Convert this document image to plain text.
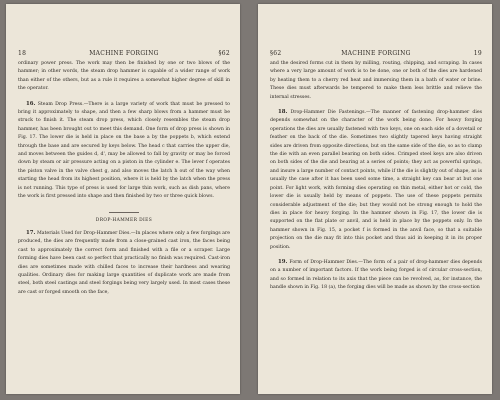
18	MACHINE FORGING	§62

ordinary power press. The work may then be finished by one or two blows of the hammer; in other words, the steam drop hammer is capable of a wider range of work than either of the others, but as a rule it requires a somewhat higher degree of skill in the operator.

16. Steam Drop Press.—There is a large variety of work that must be pressed to bring it approximately to shape, and then a few sharp blows from a hammer must be struck to finish it. The steam drop press, which closely resembles the steam drop hammer, has been brought out to meet this demand. One form of drop press is shown in Fig. 17. The lower die is held in place on the base a by the poppets b, which extend through the base and are secured by keys below. The head c that carries the upper die, and moves between the guides d, d', may be allowed to fall by gravity or may be forced down by steam or air pressure acting on a piston in the cylinder e. The lever f operates the piston valve in the valve chest g, and also moves the latch h out of the way when starting the head from its highest position, where it is held by the latch when the press is not running. This type of press is used for large thin work, such as dish pans, where the work is first pressed into shape and then finished by two or three quick blows.

DROP-HAMMER DIES

17. Materials Used for Drop-Hammer Dies.—In places where only a few forgings are produced, the dies are frequently made from a close-grained cast iron, the faces being cast to approximately the correct form and finished with a file or a scraper. Large forming dies have been cast so perfect that practically no finish was required. Cast-iron dies are sometimes made with chilled faces to increase their hardness and wearing qualities. Ordinary dies for making large quantities of duplicate work are made from steel, both steel castings and steel forgings being very largely used. In most cases these are cast or forged smooth on the face,

§62	MACHINE FORGING	19

and the desired forms cut in them by milling, routing, chipping, and scraping. In cases where a very large amount of work is to be done, one or both of the dies are hardened by heating them to a cherry red heat and immersing them in a bath of water or brine. These dies must afterwards be tempered to make them less brittle and relieve the internal stresses.

18. Drop-Hammer Die Fastenings.—The manner of fastening drop-hammer dies depends somewhat on the character of the work being done. For heavy forging operations the dies are usually fastened with two keys, one on each side of a dovetail or feather on the back of the die. Sometimes two slightly tapered keys having straight sides are driven from opposite directions, but on the same side of the die, so as to clamp the die with an even parallel bearing on both sides. Crimped steel keys are also driven on both sides of the die and bearing at a series of points; they act as powerful springs, and insure a large number of contact points, while if the die is slightly out of shape, as is usually the case after it has been used some time, a straight key can bear at but one point. For light work, with forming dies operating on thin metal, either hot or cold, the lower die is usually held by means of poppets. The use of these poppets permits considerable adjustment of the die; but they would not be strong enough to hold the dies in place for heavy forging. In the hammer shown in Fig. 17, the lower die is supported on the flat plate or anvil, and is held in place by the poppets only. In the hammer shown in Fig. 15, a pocket f is formed in the anvil face, so that a suitable projection on the die may fit into this pocket and thus aid in keeping it in its proper position.

19. Form of Drop-Hammer Dies.—The form of a pair of drop-hammer dies depends on a number of important factors. If the work being forged is of circular cross-section, and so formed in relation to its axis that the piece can be revolved, as, for instance, the handle shown in Fig. 18 (a), the forging dies will be made as shown by the cross-section
